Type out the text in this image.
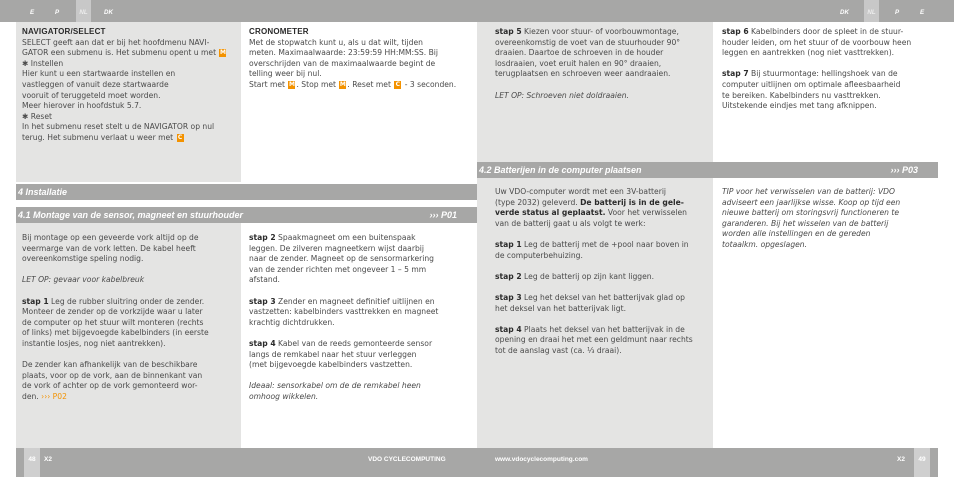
E	P	NL	DK	DK	NL	P	E

NAVIGATOR/SELECT

SELECT geeft aan dat er bij het hoofdmenu NAVI-

GATOR een submenu is. Het submenu opent u met M

✱ Instellen

Hier kunt u een startwaarde instellen en

vastleggen of vanuit deze startwaarde

vooruit of teruggeteld moet worden.

Meer hierover in hoofdstuk 5.7.

✱ Reset

In het submenu reset stelt u de NAVIGATOR op nul

terug. Het submenu verlaat u weer met C

CRONOMETER

Met de stopwatch kunt u, als u dat wilt, tijden

meten. Maximaalwaarde: 23:59:59 HH:MM:SS. Bij

overschrijden van de maximaalwaarde begint de

telling weer bij nul.

Start met M . Stop met M . Reset met C - 3 seconden.

4 Installatie
4.1 Montage van de sensor, magneet en stuurhouder	››› P01
4.2 Batterijen in de computer plaatsen	››› P03

Bij montage op een geveerde vork altijd op de

veermarge van de vork letten. De kabel heeft

overeenkomstige speling nodig.

LET OP: gevaar voor kabelbreuk

stap 1 Leg de rubber sluitring onder de zender.

Monteer de zender op de vorkzijde waar u later

de computer op het stuur wilt monteren (rechts

of links) met bijgevoegde kabelbinders (in eerste

instantie losjes, nog niet aantrekken).

De zender kan afhankelijk van de beschikbare

plaats, voor op de vork, aan de binnenkant van

de vork of achter op de vork gemonteerd wor-

den. ››› P02

stap 2 Spaakmagneet om een buitenspaak

leggen. De zilveren magneetkern wijst daarbij

naar de zender. Magneet op de sensormarkering

van de zender richten met ongeveer 1 – 5 mm

afstand.

stap 3 Zender en magneet definitief uitlijnen en

vastzetten: kabelbinders vasttrekken en magneet

krachtig dichtdrukken.

stap 4 Kabel van de reeds gemonteerde sensor

langs de remkabel naar het stuur verleggen

(met bijgevoegde kabelbinders vastzetten.

Ideaal: sensorkabel om de de remkabel heen

omhoog wikkelen.

stap 5 Kiezen voor stuur- of voorbouwmontage,

overeenkomstig de voet van de stuurhouder 90°

draaien. Daartoe de schroeven in de houder

losdraaien, voet eruit halen en 90° draaien,

terugplaatsen en schroeven weer aandraaien.

LET OP: Schroeven niet doldraaien.

stap 6 Kabelbinders door de spleet in de stuur-

houder leiden, om het stuur of de voorbouw heen

leggen en aantrekken (nog niet vasttrekken).

stap 7 Bij stuurmontage: hellingshoek van de

computer uitlijnen om optimale afleesbaarheid

te bereiken. Kabelbinders nu vasttrekken.

Uitstekende eindjes met tang afknippen.

Uw VDO-computer wordt met een 3V-batterij

(type 2032) geleverd. De batterij is in de gele-

verde status al geplaatst. Voor het verwisselen

van de batterij gaat u als volgt te werk:

stap 1 Leg de batterij met de +pool naar boven in

de computerbehuizing.

stap 2 Leg de batterij op zijn kant liggen.

stap 3 Leg het deksel van het batterijvak glad op

het deksel van het batterijvak ligt.

stap 4 Plaats het deksel van het batterijvak in de

opening en draai het met een geldmunt naar rechts

tot de aanslag vast (ca. ⅓ draai).

TIP voor het verwisselen van de batterij: VDO

adviseert een jaarlijkse wisse. Koop op tijd een

nieuwe batterij om storingsvrij functioneren te

garanderen. Bij het wisselen van de batterij

worden alle instellingen en de gereden

totaalkm. opgeslagen.

48	X2	VDO CYCLECOMPUTING	www.vdocyclecomputing.com	X2	49
